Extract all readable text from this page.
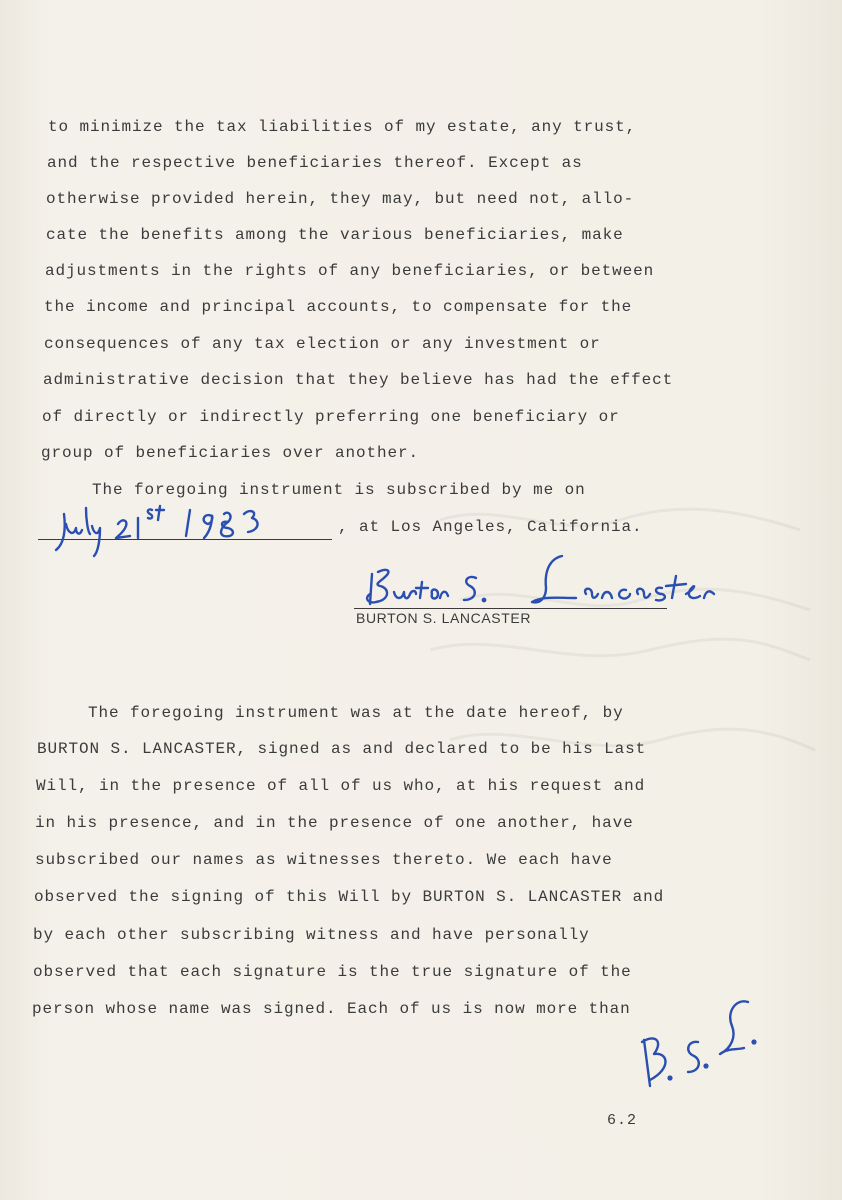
to minimize the tax liabilities of my estate, any trust,
and the respective beneficiaries thereof. Except as
otherwise provided herein, they may, but need not, allo-
cate the benefits among the various beneficiaries, make
adjustments in the rights of any beneficiaries, or between
the income and principal accounts, to compensate for the
consequences of any tax election or any investment or
administrative decision that they believe has had the effect
of directly or indirectly preferring one beneficiary or
group of beneficiaries over another.
The foregoing instrument is subscribed by me on
, at Los Angeles, California.
BURTON S. LANCASTER
The foregoing instrument was at the date hereof, by
BURTON S. LANCASTER, signed as and declared to be his Last
Will, in the presence of all of us who, at his request and
in his presence, and in the presence of one another, have
subscribed our names as witnesses thereto. We each have
observed the signing of this Will by BURTON S. LANCASTER and
by each other subscribing witness and have personally
observed that each signature is the true signature of the
person whose name was signed. Each of us is now more than
6.2
